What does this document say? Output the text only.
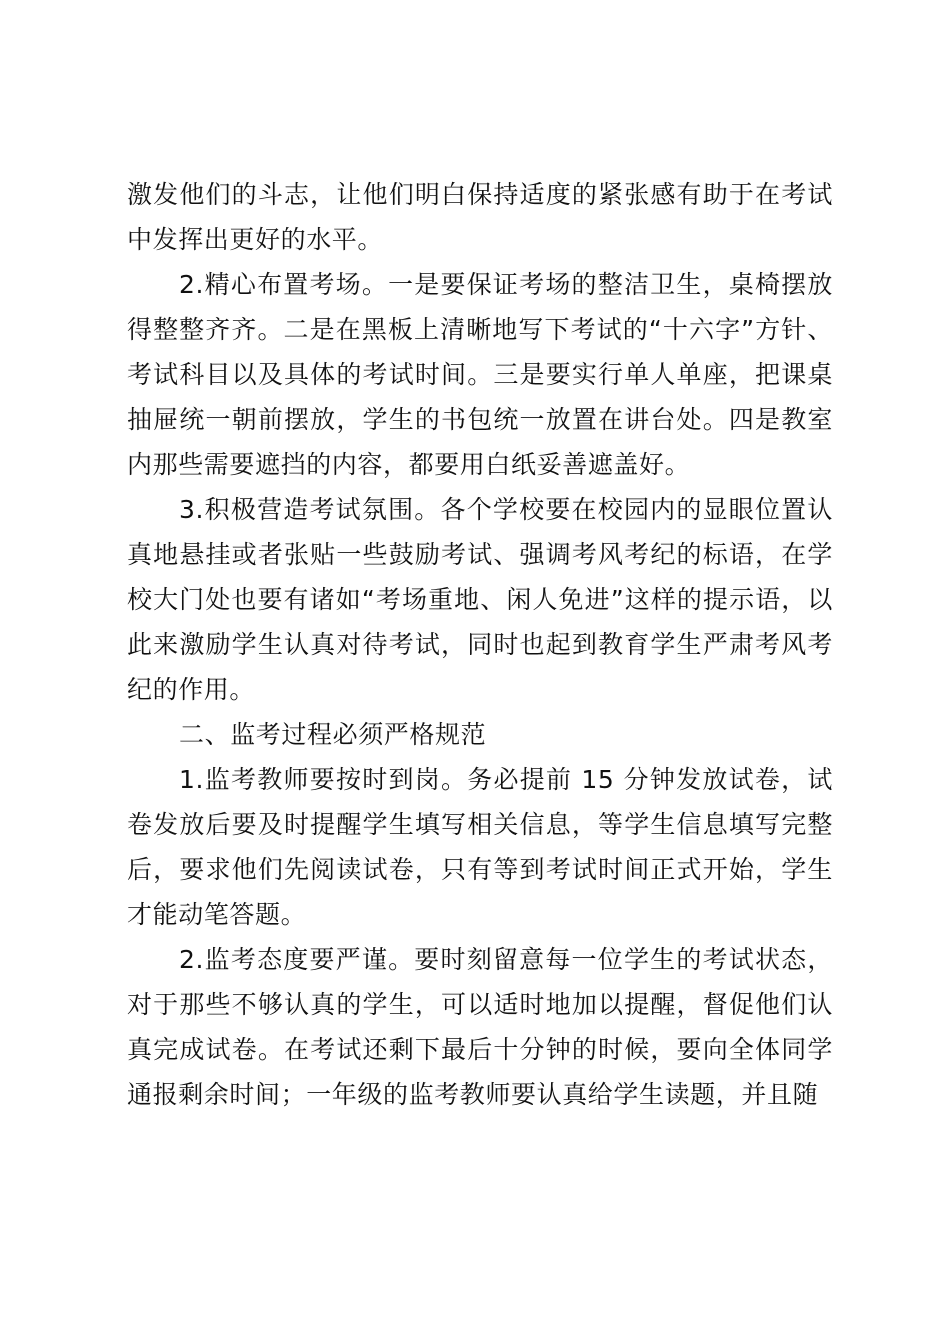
激发他们的斗志，让他们明白保持适度的紧张感有助于在考试中发挥出更好的水平。

2.精心布置考场。一是要保证考场的整洁卫生，桌椅摆放得整整齐齐。二是在黑板上清晰地写下考试的“十六字”方针、考试科目以及具体的考试时间。三是要实行单人单座，把课桌抽屉统一朝前摆放，学生的书包统一放置在讲台处。四是教室内那些需要遮挡的内容，都要用白纸妥善遮盖好。

3.积极营造考试氛围。各个学校要在校园内的显眼位置认真地悬挂或者张贴一些鼓励考试、强调考风考纪的标语，在学校大门处也要有诸如“考场重地、闲人免进”这样的提示语，以此来激励学生认真对待考试，同时也起到教育学生严肃考风考纪的作用。

二、监考过程必须严格规范

1.监考教师要按时到岗。务必提前 15 分钟发放试卷，试卷发放后要及时提醒学生填写相关信息，等学生信息填写完整后，要求他们先阅读试卷，只有等到考试时间正式开始，学生才能动笔答题。

2.监考态度要严谨。要时刻留意每一位学生的考试状态，对于那些不够认真的学生，可以适时地加以提醒，督促他们认真完成试卷。在考试还剩下最后十分钟的时候，要向全体同学通报剩余时间；一年级的监考教师要认真给学生读题，并且随
